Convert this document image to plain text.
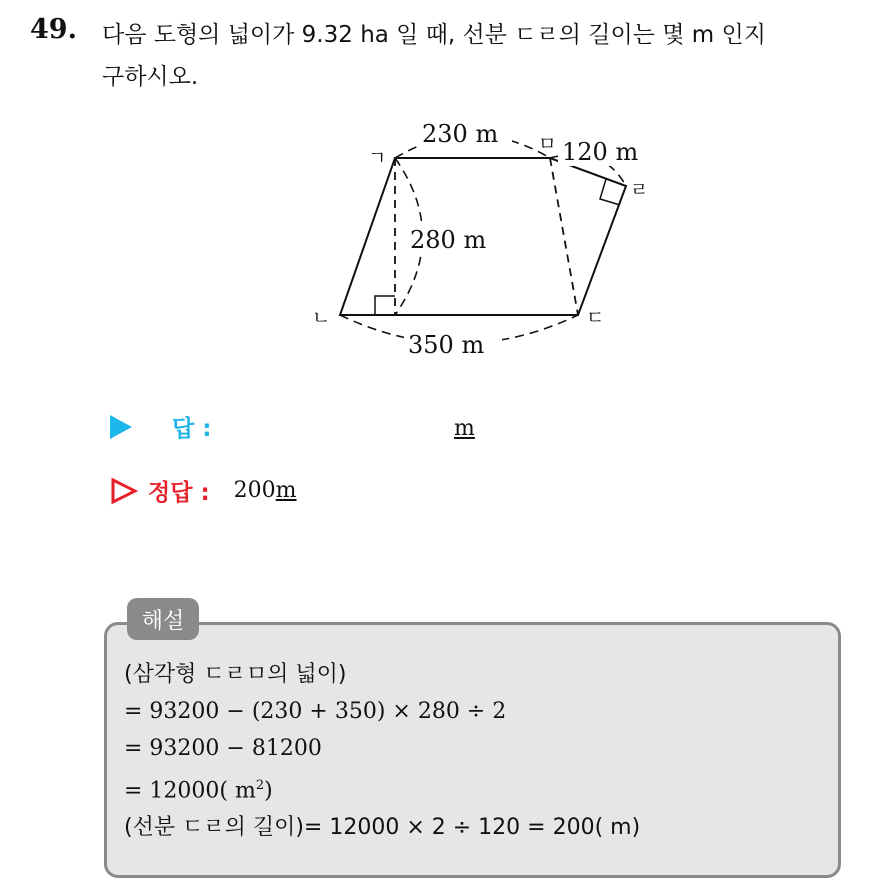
49. 다음 도형의 넓이가 9.32 ha 일 때, 선분 ㄷㄹ의 길이는 몇 m 인지
구하시오.
230 m
120 m
280 m
350 m
ㄱ
ㅁ
ㄹ
ㄷ
ㄴ
답 :	m
정답 : 200m
해설
(삼각형 ㄷㄹㅁ의 넓이)
= 93200 − (230 + 350) × 280 ÷ 2
= 93200 − 81200
= 12000( $m^2$)
(선분 ㄷㄹ의 길이)= 12000 × 2 ÷ 120 = 200( m)
